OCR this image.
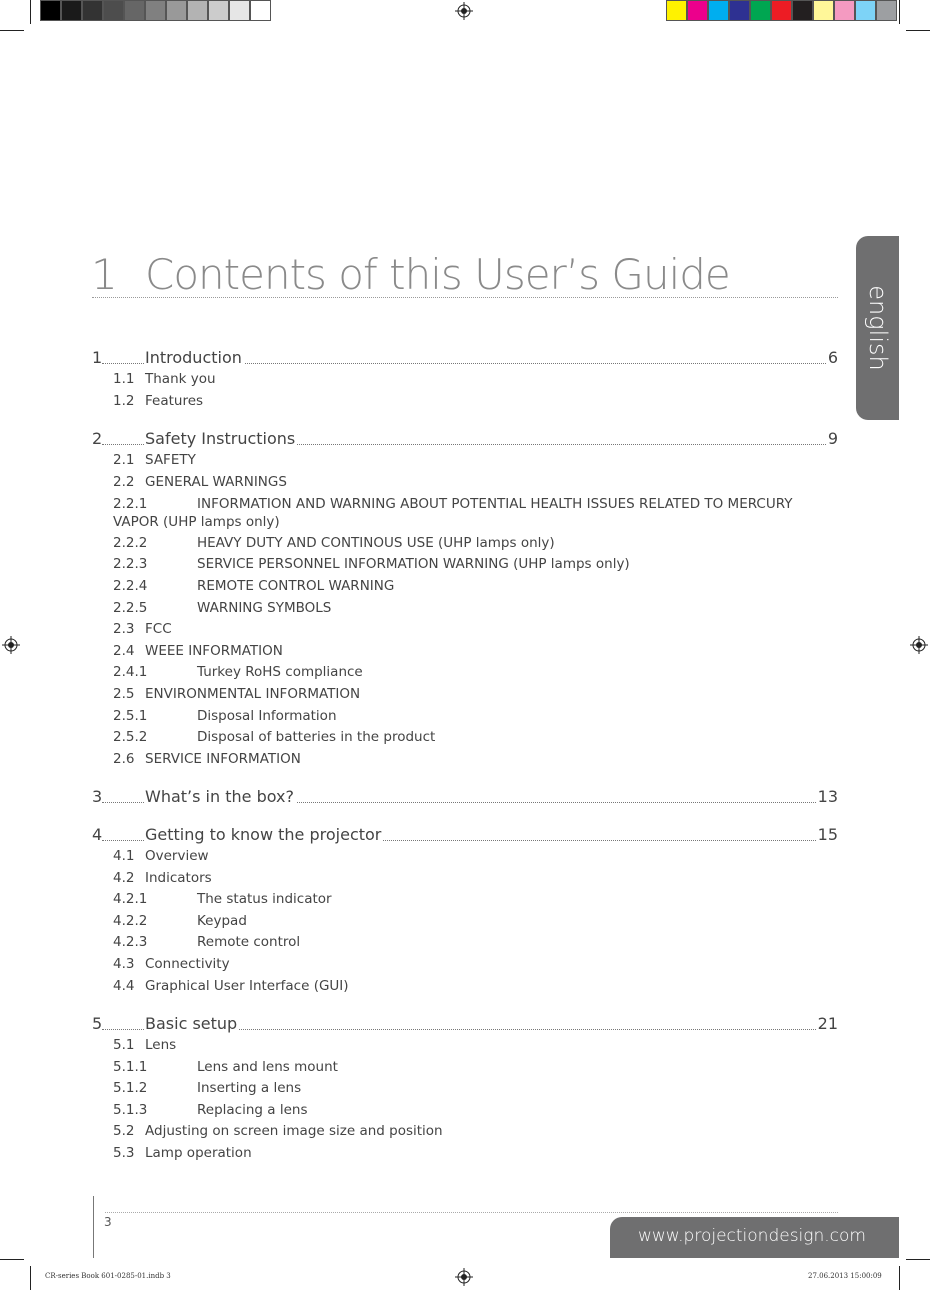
1 Contents of this User’s Guide
english
1	Introduction	6
1.1 Thank you
1.2 Features
2	Safety Instructions	9
2.1 SAFETY
2.2 GENERAL WARNINGS
2.2.1	INFORMATION AND WARNING ABOUT POTENTIAL HEALTH ISSUES RELATED TO MERCURY VAPOR (UHP lamps only)
2.2.2	HEAVY DUTY AND CONTINOUS USE (UHP lamps only)
2.2.3	SERVICE PERSONNEL INFORMATION WARNING (UHP lamps only)
2.2.4	REMOTE CONTROL WARNING
2.2.5	WARNING SYMBOLS
2.3 FCC
2.4 WEEE INFORMATION
2.4.1	Turkey RoHS compliance
2.5 ENVIRONMENTAL INFORMATION
2.5.1	Disposal Information
2.5.2	Disposal of batteries in the product
2.6 SERVICE INFORMATION
3	What’s in the box?	13
4	Getting to know the projector	15
4.1 Overview
4.2 Indicators
4.2.1	The status indicator
4.2.2	Keypad
4.2.3	Remote control
4.3 Connectivity
4.4 Graphical User Interface (GUI)
5	Basic setup	21
5.1 Lens
5.1.1	Lens and lens mount
5.1.2	Inserting a lens
5.1.3	Replacing a lens
5.2 Adjusting on screen image size and position
5.3 Lamp operation
3
www.projectiondesign.com
CR-series Book 601-0285-01.indb 3	27.06.2013 15:00:09
